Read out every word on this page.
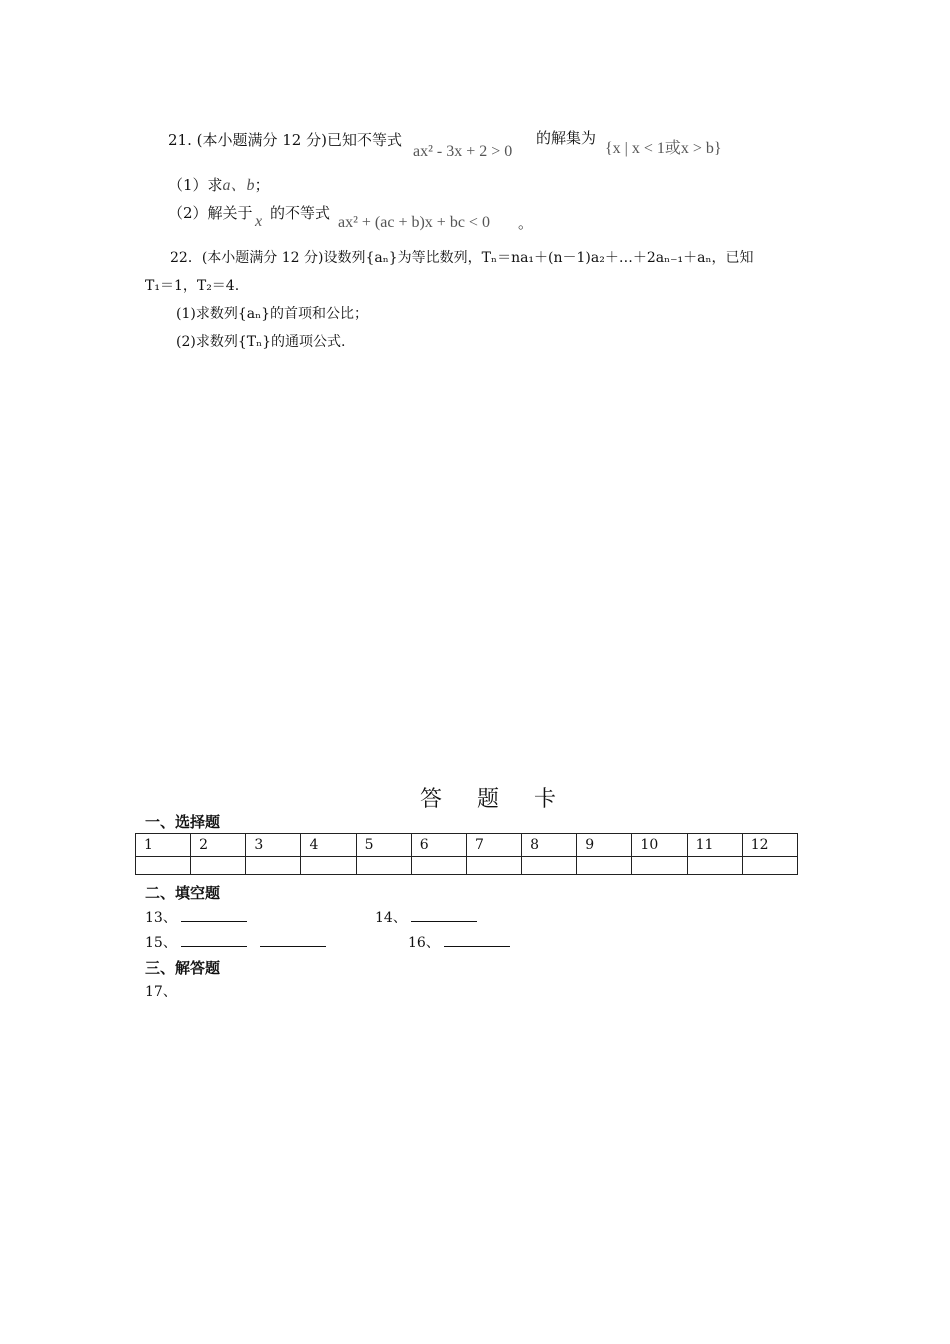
21. (本小题满分 12 分)已知不等式
ax² - 3x + 2 > 0
的解集为
{x | x < 1或x > b}
（1）求a、b；
（2）解关于 x 的不等式
ax² + (ac + b)x + bc < 0 。
22．(本小题满分 12 分)设数列{aₙ}为等比数列，Tₙ＝na₁＋(n－1)a₂＋…＋2aₙ₋₁＋aₙ，已知
T₁＝1，T₂＝4.
(1)求数列{aₙ}的首项和公比；
(2)求数列{Tₙ}的通项公式.
答 题 卡
一、选择题
1	2	3	4	5	6	7	8	9	10	11	12

二、填空题
13、	14、
15、	16、
三、解答题
17、
